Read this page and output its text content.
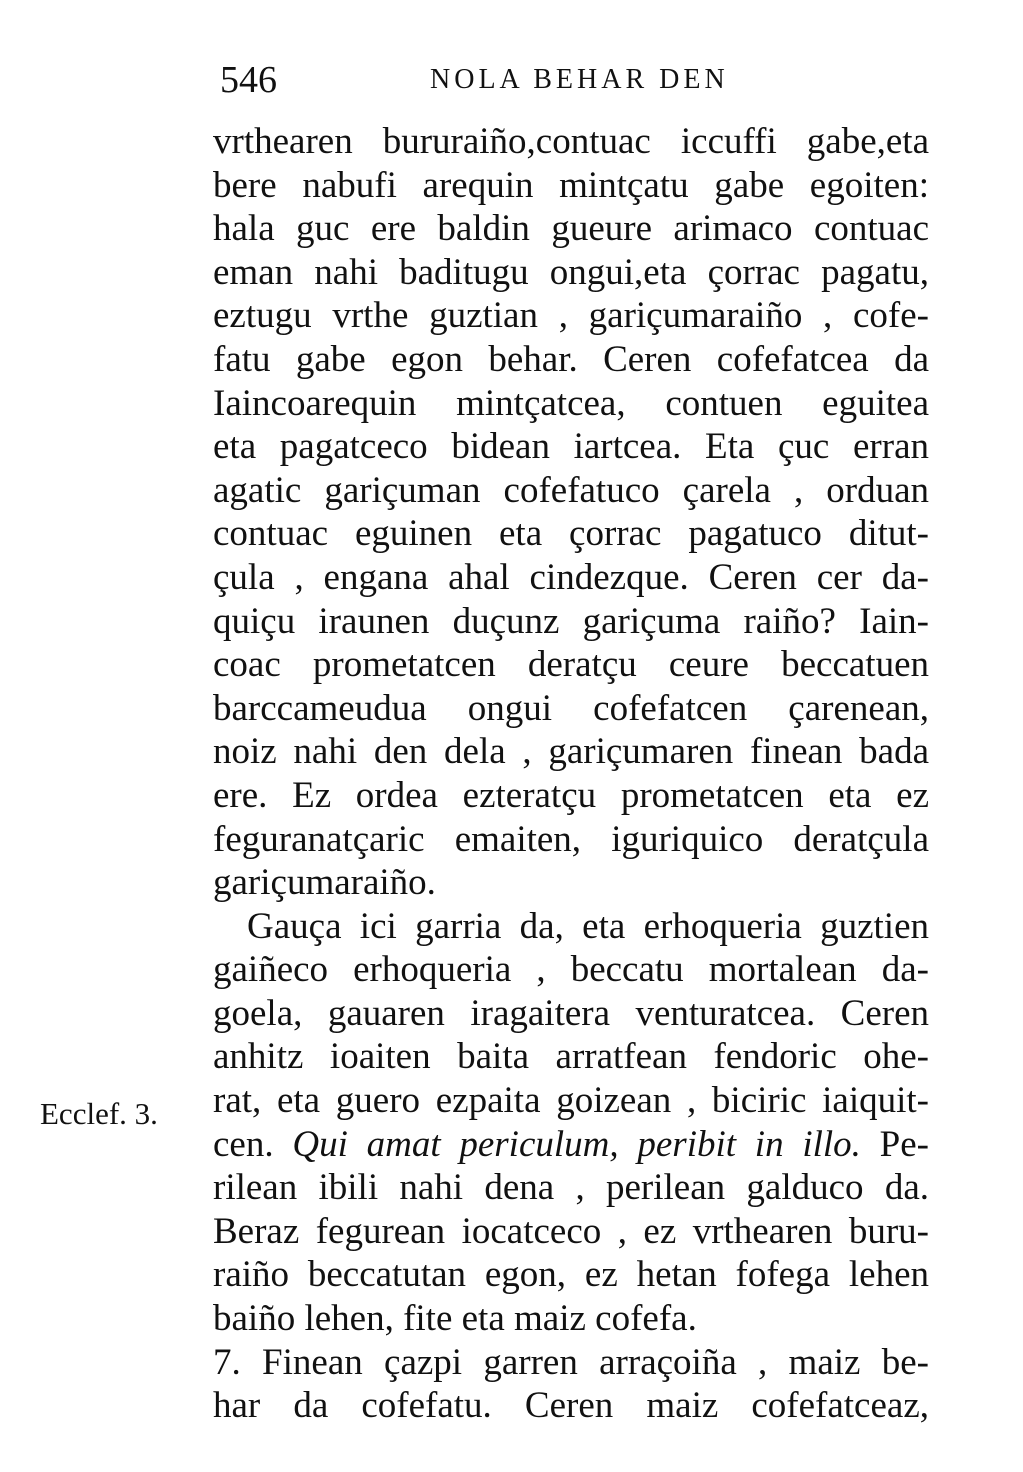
546	NOLA BEHAR DEN
Ecclef. 3.
vrthearen bururaiño,contuac iccuffi gabe,eta
bere nabufi arequin mintçatu gabe egoiten:
hala guc ere baldin gueure arimaco contuac
eman nahi baditugu ongui,eta çorrac pagatu,
eztugu vrthe guztian , gariçumaraiño , cofe-
fatu gabe egon behar. Ceren cofefatcea da
Iaincoarequin mintçatcea, contuen eguitea
eta pagatceco bidean iartcea. Eta çuc erran
agatic gariçuman cofefatuco çarela , orduan
contuac eguinen eta çorrac pagatuco ditut-
çula , engana ahal cindezque. Ceren cer da-
quiçu iraunen duçunz gariçuma raiño? Iain-
coac prometatcen deratçu ceure beccatuen
barccameudua ongui cofefatcen çarenean,
noiz nahi den dela , gariçumaren finean bada
ere. Ez ordea ezteratçu prometatcen eta ez
feguranatçaric emaiten, iguriquico deratçula
gariçumaraiño.
Gauça ici garria da, eta erhoqueria guztien
gaiñeco erhoqueria , beccatu mortalean da-
goela, gauaren iragaitera venturatcea. Ceren
anhitz ioaiten baita arratfean fendoric ohe-
rat, eta guero ezpaita goizean , biciric iaiquit-
cen. Qui amat periculum, peribit in illo. Pe-
rilean ibili nahi dena , perilean galduco da.
Beraz fegurean iocatceco , ez vrthearen buru-
raiño beccatutan egon, ez hetan fofega lehen
baiño lehen, fite eta maiz cofefa.
7. Finean çazpi garren arraçoiña , maiz be-
har da cofefatu. Ceren maiz cofefatceaz,
